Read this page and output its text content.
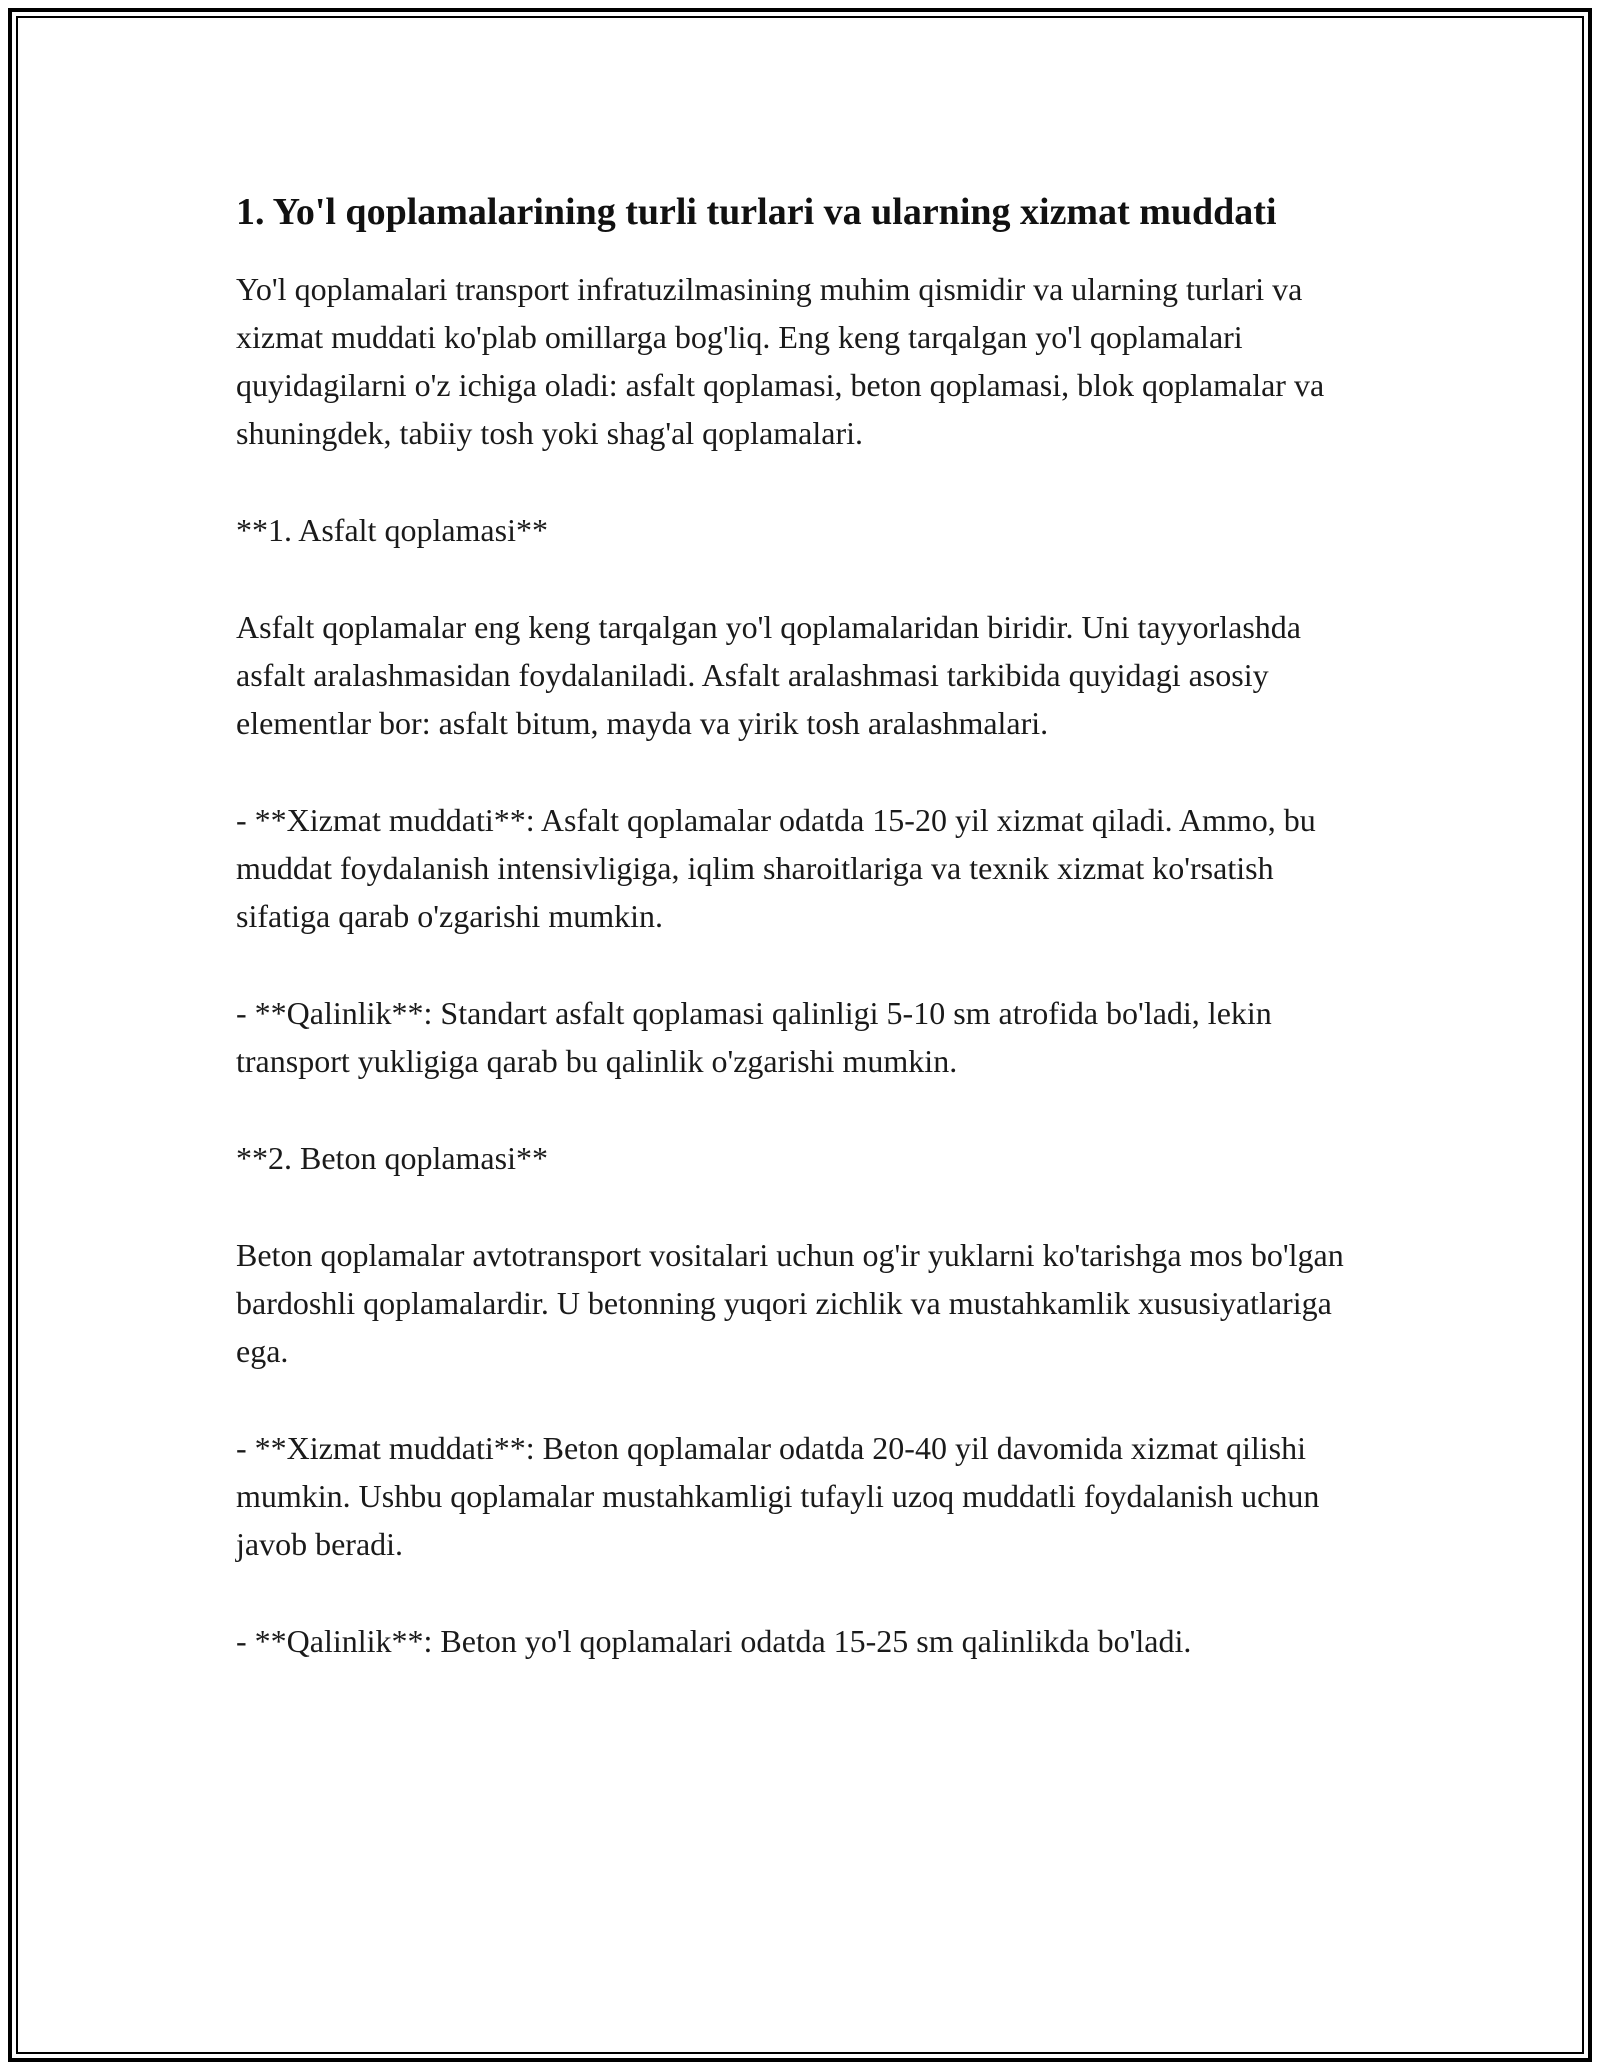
1. Yo'l qoplamalarining turli turlari va ularning xizmat muddati

Yo'l qoplamalari transport infratuzilmasining muhim qismidir va ularning turlari va xizmat muddati ko'plab omillarga bog'liq. Eng keng tarqalgan yo'l qoplamalari quyidagilarni o'z ichiga oladi: asfalt qoplamasi, beton qoplamasi, blok qoplamalar va shuningdek, tabiiy tosh yoki shag'al qoplamalari.

**1. Asfalt qoplamasi**

Asfalt qoplamalar eng keng tarqalgan yo'l qoplamalaridan biridir. Uni tayyorlashda asfalt aralashmasidan foydalaniladi. Asfalt aralashmasi tarkibida quyidagi asosiy elementlar bor: asfalt bitum, mayda va yirik tosh aralashmalari.

- **Xizmat muddati**: Asfalt qoplamalar odatda 15-20 yil xizmat qiladi. Ammo, bu muddat foydalanish intensivligiga, iqlim sharoitlariga va texnik xizmat ko'rsatish sifatiga qarab o'zgarishi mumkin.

- **Qalinlik**: Standart asfalt qoplamasi qalinligi 5-10 sm atrofida bo'ladi, lekin transport yukligiga qarab bu qalinlik o'zgarishi mumkin.

**2. Beton qoplamasi**

Beton qoplamalar avtotransport vositalari uchun og'ir yuklarni ko'tarishga mos bo'lgan bardoshli qoplamalardir. U betonning yuqori zichlik va mustahkamlik xususiyatlariga ega.

- **Xizmat muddati**: Beton qoplamalar odatda 20-40 yil davomida xizmat qilishi mumkin. Ushbu qoplamalar mustahkamligi tufayli uzoq muddatli foydalanish uchun javob beradi.

- **Qalinlik**: Beton yo'l qoplamalari odatda 15-25 sm qalinlikda bo'ladi.
